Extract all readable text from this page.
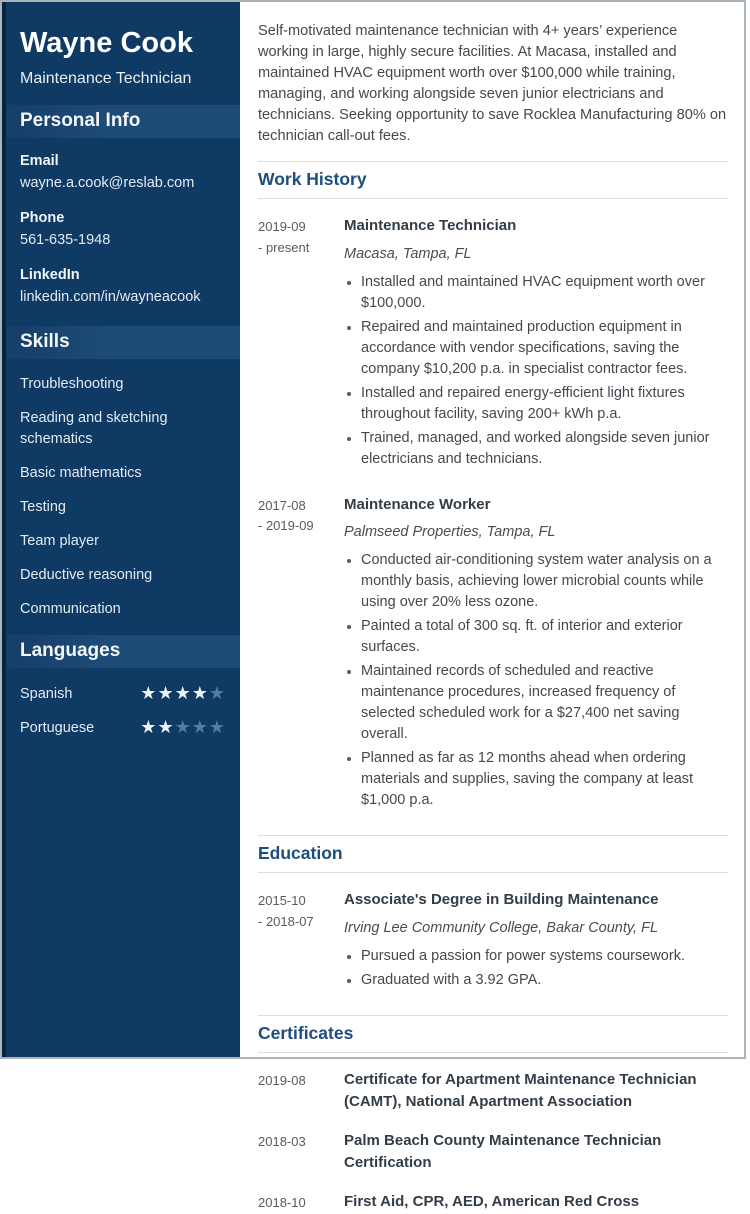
Wayne Cook
Maintenance Technician
Personal Info
Email
wayne.a.cook@reslab.com
Phone
561-635-1948
LinkedIn
linkedin.com/in/wayneacook
Skills
Troubleshooting
Reading and sketching schematics
Basic mathematics
Testing
Team player
Deductive reasoning
Communication
Languages
Spanish	★★★★★
Portuguese	★★★★★

Self-motivated maintenance technician with 4+ years’ experience working in large, highly secure facilities. At Macasa, installed and maintained HVAC equipment worth over $100,000 while training, managing, and working alongside seven junior electricians and technicians. Seeking opportunity to save Rocklea Manufacturing 80% on technician call-out fees.

Work History
2019-09
- present
Maintenance Technician
Macasa, Tampa, FL
• Installed and maintained HVAC equipment worth over $100,000.
• Repaired and maintained production equipment in accordance with vendor specifications, saving the company $10,200 p.a. in specialist contractor fees.
• Installed and repaired energy-efficient light fixtures throughout facility, saving 200+ kWh p.a.
• Trained, managed, and worked alongside seven junior electricians and technicians.
2017-08
- 2019-09
Maintenance Worker
Palmseed Properties, Tampa, FL
• Conducted air-conditioning system water analysis on a monthly basis, achieving lower microbial counts while using over 20% less ozone.
• Painted a total of 300 sq. ft. of interior and exterior surfaces.
• Maintained records of scheduled and reactive maintenance procedures, increased frequency of selected scheduled work for a $27,400 net saving overall.
• Planned as far as 12 months ahead when ordering materials and supplies, saving the company at least $1,000 p.a.
Education
2015-10
- 2018-07
Associate's Degree in Building Maintenance
Irving Lee Community College, Bakar County, FL
• Pursued a passion for power systems coursework.
• Graduated with a 3.92 GPA.
Certificates
2019-08	Certificate for Apartment Maintenance Technician (CAMT), National Apartment Association
2018-03	Palm Beach County Maintenance Technician Certification
2018-10	First Aid, CPR, AED, American Red Cross
